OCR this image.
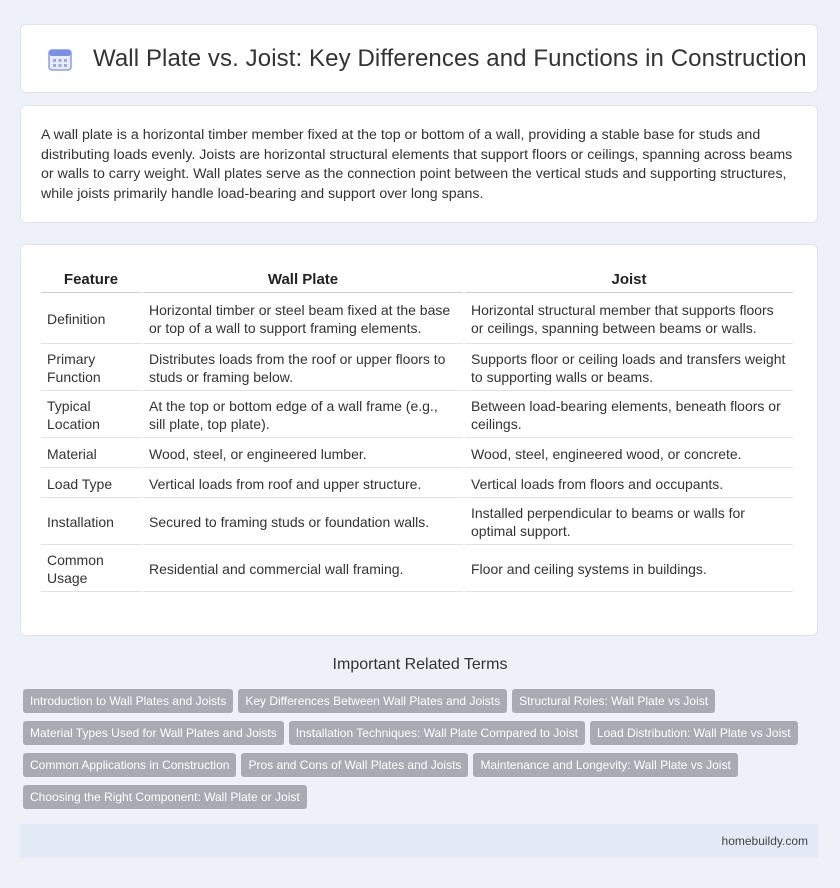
Wall Plate vs. Joist: Key Differences and Functions in Construction

A wall plate is a horizontal timber member fixed at the top or bottom of a wall, providing a stable base for studs and distributing loads evenly. Joists are horizontal structural elements that support floors or ceilings, spanning across beams or walls to carry weight. Wall plates serve as the connection point between the vertical studs and supporting structures, while joists primarily handle load-bearing and support over long spans.

Feature	Wall Plate	Joist
Definition	Horizontal timber or steel beam fixed at the base or top of a wall to support framing elements.	Horizontal structural member that supports floors or ceilings, spanning between beams or walls.
Primary Function	Distributes loads from the roof or upper floors to studs or framing below.	Supports floor or ceiling loads and transfers weight to supporting walls or beams.
Typical Location	At the top or bottom edge of a wall frame (e.g., sill plate, top plate).	Between load-bearing elements, beneath floors or ceilings.
Material	Wood, steel, or engineered lumber.	Wood, steel, engineered wood, or concrete.
Load Type	Vertical loads from roof and upper structure.	Vertical loads from floors and occupants.
Installation	Secured to framing studs or foundation walls.	Installed perpendicular to beams or walls for optimal support.
Common Usage	Residential and commercial wall framing.	Floor and ceiling systems in buildings.
Important Related Terms
Introduction to Wall Plates and Joists Key Differences Between Wall Plates and Joists Structural Roles: Wall Plate vs Joist
Material Types Used for Wall Plates and Joists Installation Techniques: Wall Plate Compared to Joist Load Distribution: Wall Plate vs Joist
Common Applications in Construction Pros and Cons of Wall Plates and Joists Maintenance and Longevity: Wall Plate vs Joist
Choosing the Right Component: Wall Plate or Joist
homebuildy.com
